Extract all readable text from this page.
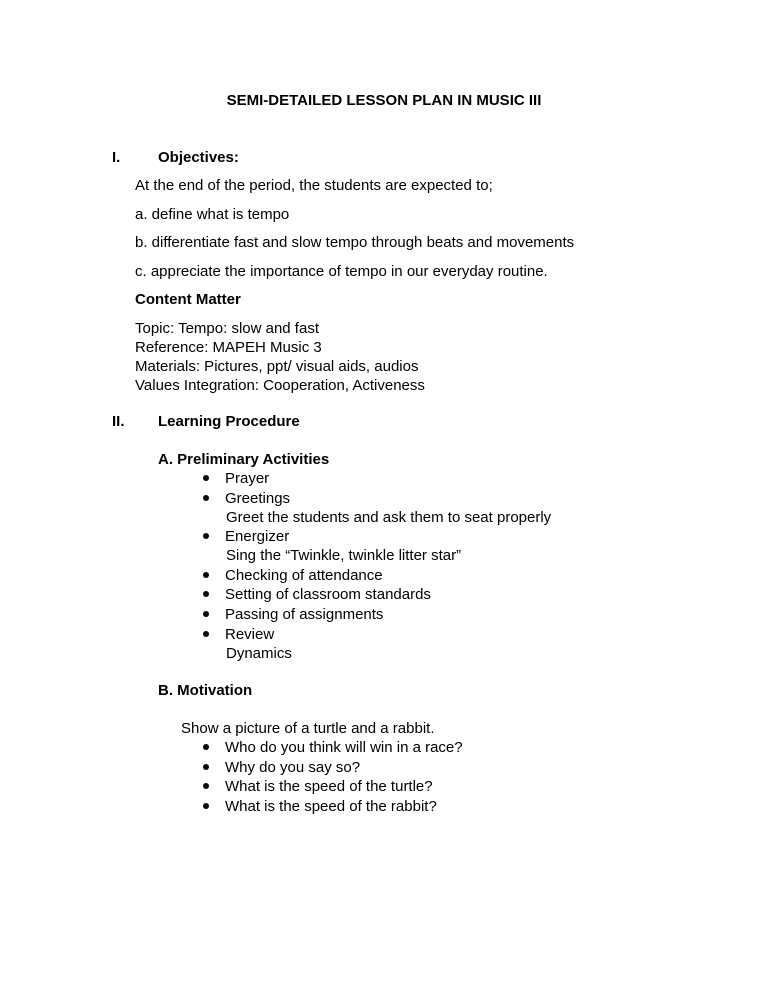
SEMI-DETAILED LESSON PLAN IN MUSIC III
I.	Objectives:
At the end of the period, the students are expected to;
a. define what is tempo
b. differentiate fast and slow tempo through beats and movements
c. appreciate the importance of tempo in our everyday routine.
Content Matter
Topic: Tempo: slow and fast
Reference: MAPEH Music 3
Materials: Pictures, ppt/ visual aids, audios
Values Integration: Cooperation, Activeness
II. Learning Procedure
A. Preliminary Activities
Prayer
Greetings
Greet the students and ask them to seat properly
Energizer
Sing the “Twinkle, twinkle litter star”
Checking of attendance
Setting of classroom standards
Passing of assignments
Review
Dynamics
B. Motivation
Show a picture of a turtle and a rabbit.
Who do you think will win in a race?
Why do you say so?
What is the speed of the turtle?
What is the speed of the rabbit?
